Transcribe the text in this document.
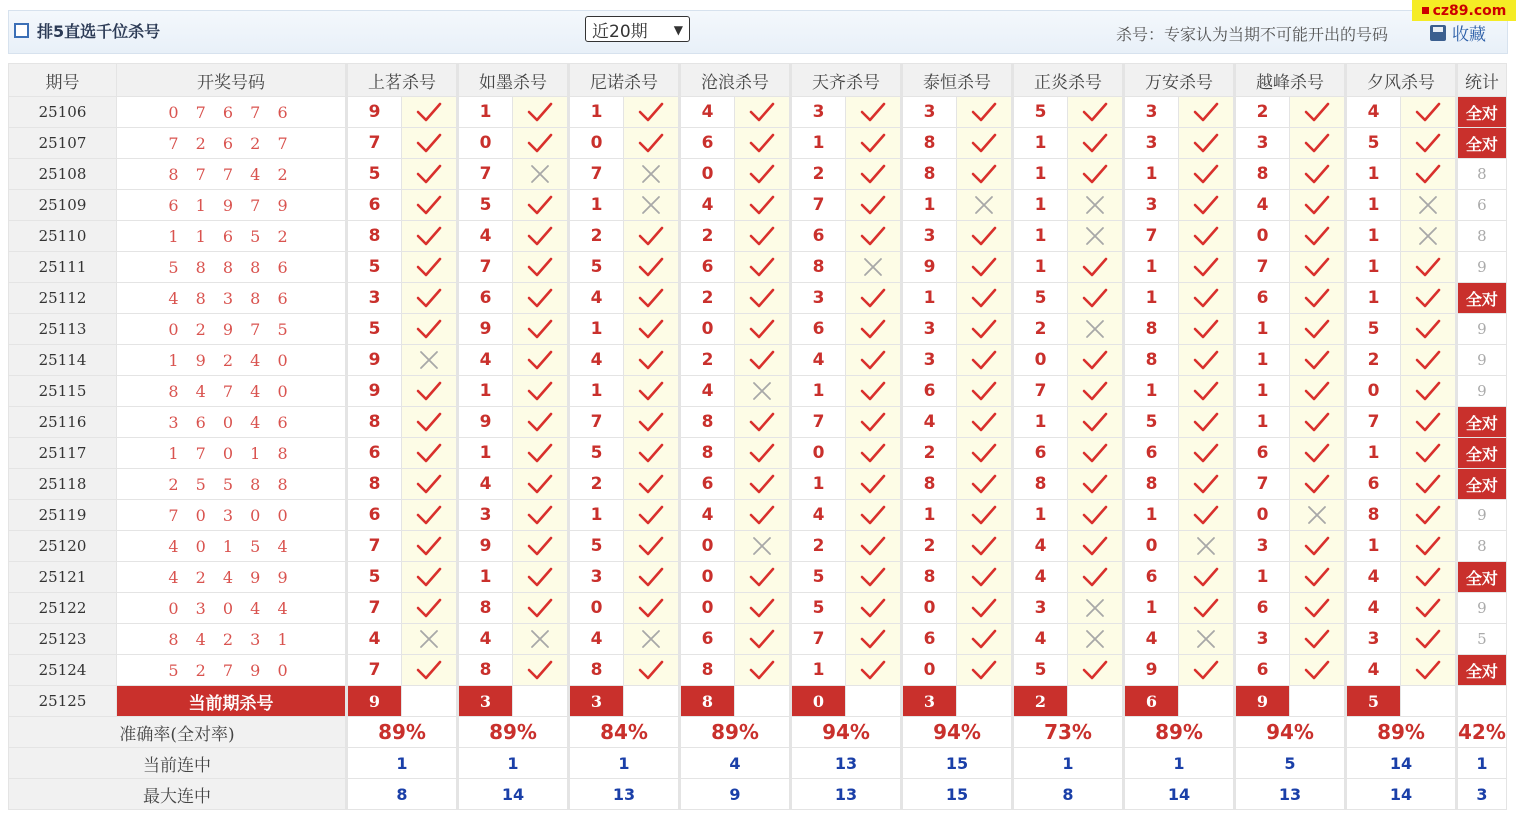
排5直选千位杀号	近20期 ▼	杀号：专家认为当期不可能开出的号码	收藏
cz89.com
期号	开奖号码	上茗杀号		如墨杀号		尼诺杀号		沧浪杀号		天齐杀号		泰恒杀号		正炎杀号		万安杀号		越峰杀号		夕风杀号		统计
25106	0 7 6 7 6	9		1		1		4		3		3		5		3		2		4		全对
25107	7 2 6 2 7	7		0		0		6		1		8		1		3		3		5		全对
25108	8 7 7 4 2	5		7		7		0		2		8		1		1		8		1		8
25109	6 1 9 7 9	6		5		1		4		7		1		1		3		4		1		6
25110	1 1 6 5 2	8		4		2		2		6		3		1		7		0		1		8
25111	5 8 8 8 6	5		7		5		6		8		9		1		1		7		1		9
25112	4 8 3 8 6	3		6		4		2		3		1		5		1		6		1		全对
25113	0 2 9 7 5	5		9		1		0		6		3		2		8		1		5		9
25114	1 9 2 4 0	9		4		4		2		4		3		0		8		1		2		9
25115	8 4 7 4 0	9		1		1		4		1		6		7		1		1		0		9
25116	3 6 0 4 6	8		9		7		8		7		4		1		5		1		7		全对
25117	1 7 0 1 8	6		1		5		8		0		2		6		6		6		1		全对
25118	2 5 5 8 8	8		4		2		6		1		8		8		8		7		6		全对
25119	7 0 3 0 0	6		3		1		4		4		1		1		1		0		8		9
25120	4 0 1 5 4	7		9		5		0		2		2		4		0		3		1		8
25121	4 2 4 9 9	5		1		3		0		5		8		4		6		1		4		全对
25122	0 3 0 4 4	7		8		0		0		5		0		3		1		6		4		9
25123	8 4 2 3 1	4		4		4		6		7		6		4		4		3		3		5
25124	5 2 7 9 0	7		8		8		8		1		0		5		9		6		4		全对
25125	当前期杀号	9		3		3		8		0		3		2		6		9		5		
准确率(全对率)		89%		89%		84%		89%		94%		94%		73%		89%		94%		89%		42%
当前连中		1		1		1		4		13		15		1		1		5		14		1
最大连中		8		14		13		9		13		15		8		14		13		14		3
